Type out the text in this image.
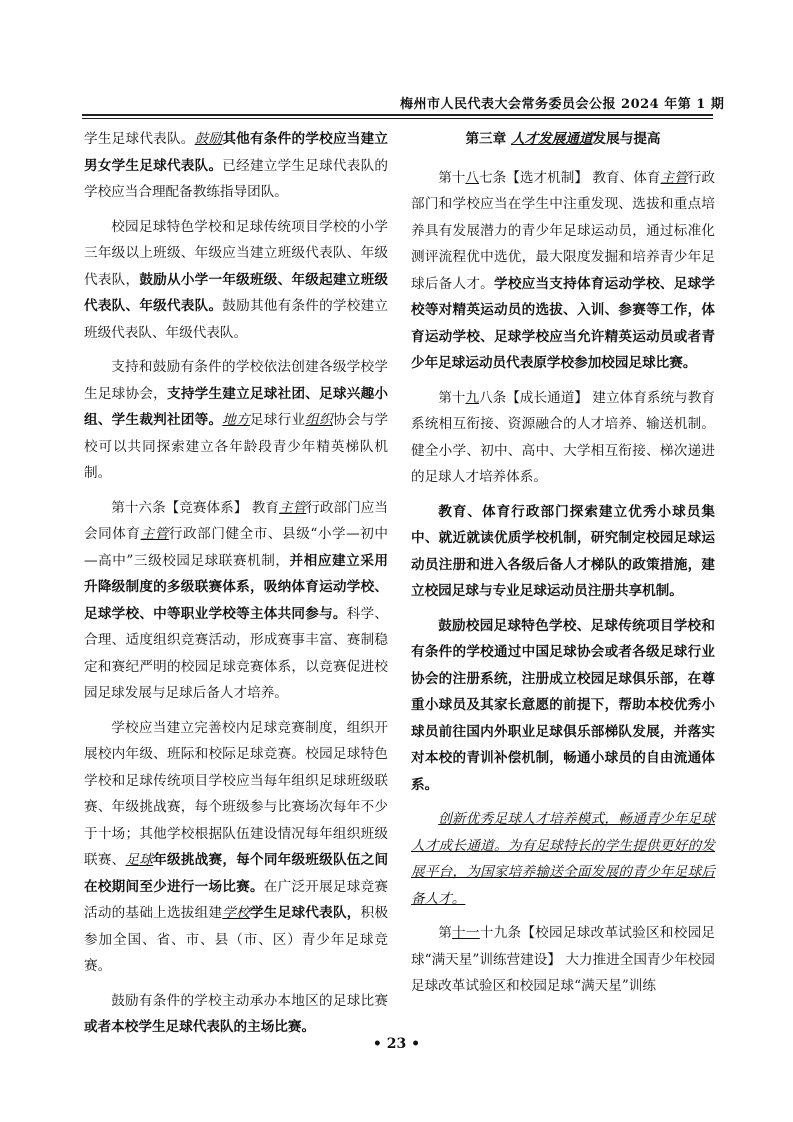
梅州市人民代表大会常务委员会公报 2024 年第 1 期

学生足球代表队。鼓励其他有条件的学校应当建立男女学生足球代表队。已经建立学生足球代表队的学校应当合理配备教练指导团队。

校园足球特色学校和足球传统项目学校的小学三年级以上班级、年级应当建立班级代表队、年级代表队，鼓励从小学一年级班级、年级起建立班级代表队、年级代表队。鼓励其他有条件的学校建立班级代表队、年级代表队。

支持和鼓励有条件的学校依法创建各级学校学生足球协会，支持学生建立足球社团、足球兴趣小组、学生裁判社团等。地方足球行业组织协会与学校可以共同探索建立各年龄段青少年精英梯队机制。

第十六条【竞赛体系】 教育主管行政部门应当会同体育主管行政部门健全市、县级“小学—初中—高中”三级校园足球联赛机制，并相应建立采用升降级制度的多级联赛体系，吸纳体育运动学校、足球学校、中等职业学校等主体共同参与。科学、合理、适度组织竞赛活动，形成赛事丰富、赛制稳定和赛纪严明的校园足球竞赛体系，以竞赛促进校园足球发展与足球后备人才培养。

学校应当建立完善校内足球竞赛制度，组织开展校内年级、班际和校际足球竞赛。校园足球特色学校和足球传统项目学校应当每年组织足球班级联赛、年级挑战赛，每个班级参与比赛场次每年不少于十场；其他学校根据队伍建设情况每年组织班级联赛、足球年级挑战赛，每个同年级班级队伍之间在校期间至少进行一场比赛。在广泛开展足球竞赛活动的基础上选拔组建学校学生足球代表队，积极参加全国、省、市、县（市、区）青少年足球竞赛。

鼓励有条件的学校主动承办本地区的足球比赛或者本校学生足球代表队的主场比赛。

第三章 人才发展通道发展与提高

第十八七条【选才机制】 教育、体育主管行政部门和学校应当在学生中注重发现、选拔和重点培养具有发展潜力的青少年足球运动员，通过标准化测评流程优中选优，最大限度发掘和培养青少年足球后备人才。学校应当支持体育运动学校、足球学校等对精英运动员的选拔、入训、参赛等工作，体育运动学校、足球学校应当允许精英运动员或者青少年足球运动员代表原学校参加校园足球比赛。

第十九八条【成长通道】 建立体育系统与教育系统相互衔接、资源融合的人才培养、输送机制。健全小学、初中、高中、大学相互衔接、梯次递进的足球人才培养体系。

教育、体育行政部门探索建立优秀小球员集中、就近就读优质学校机制，研究制定校园足球运动员注册和进入各级后备人才梯队的政策措施，建立校园足球与专业足球运动员注册共享机制。

鼓励校园足球特色学校、足球传统项目学校和有条件的学校通过中国足球协会或者各级足球行业协会的注册系统，注册成立校园足球俱乐部，在尊重小球员及其家长意愿的前提下，帮助本校优秀小球员前往国内外职业足球俱乐部梯队发展，并落实对本校的青训补偿机制，畅通小球员的自由流通体系。

创新优秀足球人才培养模式，畅通青少年足球人才成长通道。为有足球特长的学生提供更好的发展平台，为国家培养输送全面发展的青少年足球后备人才。

第十一十九条【校园足球改革试验区和校园足球“满天星”训练营建设】 大力推进全国青少年校园足球改革试验区和校园足球“满天星”训练

• 23 •
